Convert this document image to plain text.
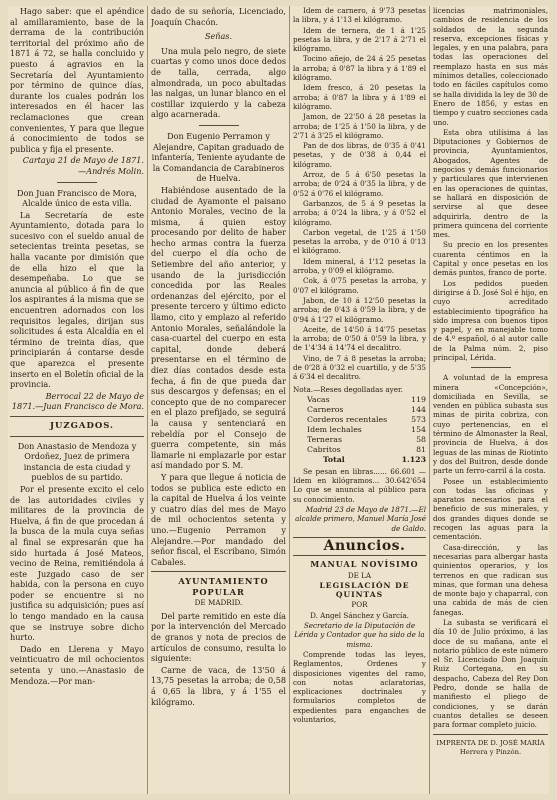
Hago saber: que el apéndice al amillaramiento, base de la derrama de la contribución territorial del próximo año de 1871 á 72, se halla concluido y puesto á agravios en la Secretaría del Ayuntamiento por término de quince días, durante los cuales podrán los interesados en él hacer las reclamaciones que crean convenientes, Y para que llegue á conocimiento de todos se publica y fija el presente.

Cartaya 21 de Mayo de 1871.—Andrés Molin.

Don Juan Francisco de Mora, Alcalde único de esta villa.

La Secretaría de este Ayuntamiento, dotada para lo sucesivo con el sueldo anual de setecientas treinta pesetas, se halla vacante por dimisión que de ella hizo el que la desempeñaba. Lo que se anuncia al público á fin de que los aspirantes á la misma que se encuentren adornados con los requisitos legales, dirijan sus solicitudes á esta Alcaldía en el término de treinta días, que principiarán á contarse desde que aparezca el presente inserto en el Boletín oficial de la provincia.

Berrocal 22 de Mayo de 1871.—Juan Francisco de Mora.

JUZGADOS.

Don Anastasio de Mendoza y Ordoñez, Juez de primera instancia de esta ciudad y pueblos de su partido.

Por el presente excito el celo de las autoridades civiles y militares de la provincia de Huelva, á fin de que procedan á la busca de la mula cuya señas al final se expresarán que ha sido hurtada á José Mateos, vecino de Reina, remitiéndola á este Juzgado caso de ser habida, con la persona en cuyo poder se encuentre si no justifica su adquisición; pues así lo tengo mandado en la causa que se instruye sobre dicho hurto.

Dado en Llerena y Mayo veinticuatro de mil ochocientos setenta y uno.—Anastasio de Mendoza.—Por man-

dado de su señoría, Licenciado, Joaquín Chacón.

Señas.

Una mula pelo negro, de siete cuartas y como unos doce dedos de talla, cerrada, algo almondrada, un poco abultadas las nalgas, un lunar blanco en el costillar izquierdo y la cabeza algo acarnerada.

Don Eugenio Perramon y Alejandre, Capitan graduado de infantería, Teniente ayudante de la Comandancia de Carabineros de Huelva.

Habiéndose ausentado de la ciudad de Ayamonte el paisano Antonio Morales, vecino de la misma, á quien estoy procesando por delito de haber hecho armas contra la fuerza del cuerpo el día ocho de Setiembre del año anterior, y usando de la jurisdicción concedida por las Reales ordenanzas del ejército, por el presente tercero y último edicto llamo, cito y emplazo al referido Antonio Morales, señalándole la casa-cuartel del cuerpo en esta capital, donde deberá presentarse en el término de diez días contados desde esta fecha, á fin de que pueda dar sus descargos y defensas; en el concepto que de no comparecer en el plazo prefijado, se seguirá la causa y sentenciará en rebeldía por el Consejo de guerra competente, sin más llamarle ni emplazarle por estar así mandado por S. M.

Y para que llegue á noticia de todos se publica este edicto en la capital de Huelva á los veinte y cuatro días del mes de Mayo de mil ochocientos setenta y uno.—Eugenio Perramon y Alejandre.—Por mandado del señor fiscal, el Escribano, Simón Cabales.

AYUNTAMIENTO POPULAR

DE MADRID.

Del parte remitido en este día por la intervención del Mercado de granos y nota de precios de artículos de consumo, resulta lo siguiente:

Carne de vaca, de 13'50 á 13,75 pesetas la arroba; de 0,58 á 0,65 la libra, y á 1'55 el kilógramo.

Idem de carnero, á 9'73 pesetas la libra, y á 1'13 el kilógramo.

Idem de ternera, de 1 á 1'25 pesetas la libra, y de 2'17 á 2'71 el kilógramo.

Tocino añejo, de 24 á 25 pesetas la arroba; á 0'87 la libra y á 1'89 el kilógramo.

Idem fresco, á 20 pesetas la arroba; á 0'87 la libra y á 1'89 el kilógramo.

Jamon, de 22'50 á 28 pesetas la arroba; de 1'25 á 1'50 la libra, y de 2'71 á 3'25 el kilógramo.

Pan de dos libras, de 0'35 á 0'41 pesetas, y de 0'38 á 0,44 el kilógramo.

Arroz, de 5 á 6'50 pesetas la arroba; de 0'24 á 0'35 la libra, y de 0'52 á 0'76 el kilógramo.

Garbanzos, de 5 á 9 pesetas la arroba; á 0'24 la libra, y á 0'52 el kilógramo.

Carbon vegetal, de 1'25 á 1'50 pesetas la arroba, y de 0'10 á 0'13 el kilógramo.

Idem mineral, á 1'12 pesetas la arroba, y 0'09 el kilógramo.

Cok, á 0'75 pesetas la arroba, y 0'07 el kilógramo.

Jabon, de 10 á 12'50 pesetas la arroba; de 0'43 á 0'59 la libra, y de 0'94 á 1'27 el kilógramo.

Aceite, de 14'50 á 14'75 pesetas la arroba; de 0'50 á 0'59 la libra, y de 1'4'34 á 14'74 el decalitro.

Vino, de 7 á 8 pesetas la arroba; de 0'28 á 0'32 el cuartillo, y de 5'35 á 6'34 el decalitro.

Nota.—Reses degolladas ayer.

Vacas	119
Carneros	144
Corderos recentales	573
Idem lechales	154
Terneras	58
Cabritos	81
Total	1.123

Se pesan en libras...... 66.601 — Idem en kilógramos... 30.642'654 Lo que se anuncia al público para su conocimiento.

Madrid 23 de Mayo de 1871.—El alcalde primero, Manuel María José de Galdo.

Anuncios.

MANUAL NOVÍSIMO

DE LA

LEGISLACIÓN DE QUINTAS

POR

D. Angel Sánchez y García.

Secretario de la Diputación de Lérida y Contador que ha sido de la misma.

Comprende todas las leyes, Reglamentos, Ordenes y disposiciones vigentes del ramo, con notas aclaratorias, explicaciones doctrinales y formularios completos de expedientes para enganches de voluntarios,

licencias matrimoniales, cambios de residencia de los soldados de la segunda reserva, excepciones físicas y legales, y en una palabra, para todas las operaciones del reemplazo hasta en sus más mínimos detalles, coleccionado todo en fáciles capítulos como se halla dividida la ley de 30 de Enero de 1856, y estas en tiempo y cuatro secciones cada uno.

Esta obra utilísima á las Diputaciones y Gobiernos de provincia, Ayuntamientos, Abogados, Agentes de negocios y demás funcionarios y particulares que intervienen en las operaciones de quintas, se hallará en disposición de servirse al que desee adquirirla, dentro de la primera quincena del corriente mes.

Su precio en los presentes cuarenta céntimos en la Capital y once pesetas en los demás puntos, franco de porte.

Los pedidos pueden dirigirse á D. José Sol é hijo, en cuyo acreditado establecimiento tipográfico ha sido impresa con buenos tipos y papel, y en manejable tomo de 4.º español, ó al autor calle de la Palma núm. 2, piso principal, Lérida.

A voluntad de la empresa minera «Concepción», domiciliada en Sevilla, se venden en pública subasta sus minas de pirita cobriza, con cuyo pertenencias, en el término de Almonaster la Real, provincia de Huelva, á dos leguas de las minas de Riotinto y dos del Buitron, desde donde parte un ferro-carril á la costa.

Posee un establecimiento con todas las oficinas y aparatos necesarios para el beneficio de sus minerales, y dos grandes diques donde se recogen las aguas para la cementación.

Casa-dirección, y las necesarias para albergar hasta quinientos operarios, y los terrenos en que radican sus minas, que forman una dehesa de monte bajo y chaparral, con una cabida de más de cien fanegas.

La subasta se verificará el día 10 de Julio próximo, á las doce de su mañana, ante el notario público de este número el Sr. Licenciado Don Joaquín Ruiz Cortegana, en su despacho, Cabeza del Rey Don Pedro, donde se halla de manifiesto el pliego de condiciones, y se darán cuantos detalles se deseen para formar completo juicio.

IMPRENTA DE D. JOSÉ MARÍA Herrera y Pinzón.
